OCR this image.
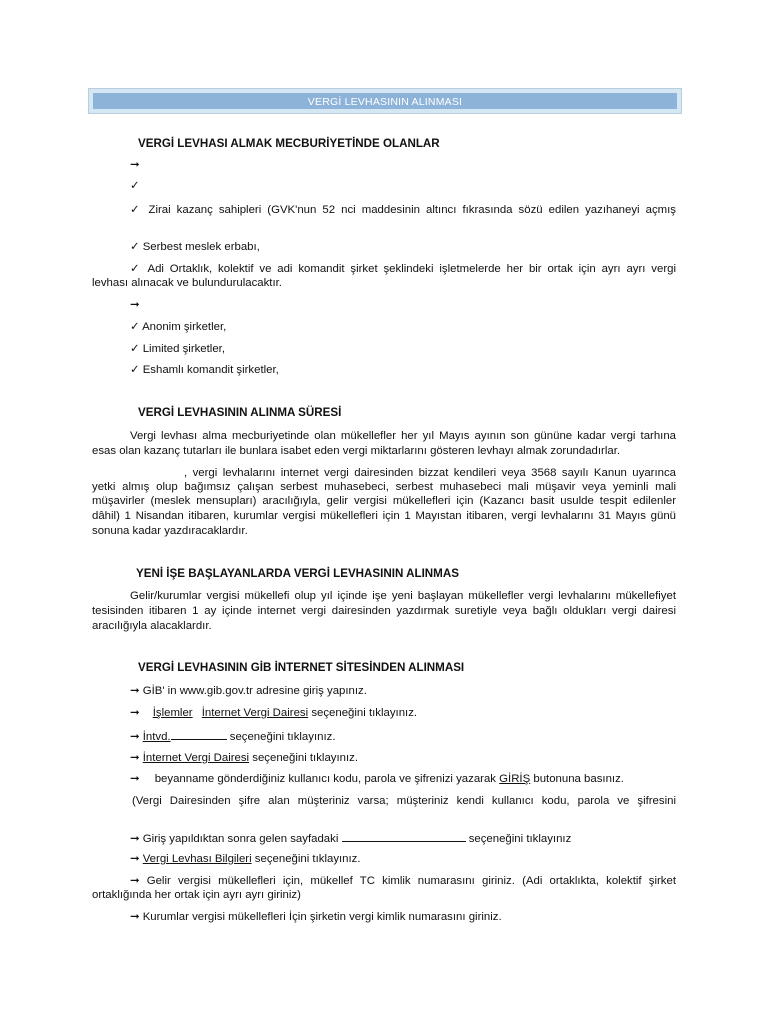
VERGİ LEVHASININ ALINMASI
VERGİ LEVHASI ALMAK MECBURİYETİNDE OLANLAR
➞
✓
✓ Zirai kazanç sahipleri (GVK'nun 52 nci maddesinin altıncı fıkrasında sözü edilen yazıhaneyi açmış
✓ Serbest meslek erbabı,
✓ Adi Ortaklık, kolektif ve adi komandit şirket şeklindeki işletmelerde her bir ortak için ayrı ayrı vergi
levhası alınacak ve bulundurulacaktır.
➞
✓ Anonim şirketler,
✓ Limited şirketler,
✓ Eshamlı komandit şirketler,
VERGİ LEVHASININ ALINMA SÜRESİ
Vergi levhası alma mecburiyetinde olan mükellefler her yıl Mayıs ayının son gününe kadar vergi tarhına
esas olan kazanç tutarları ile bunlara isabet eden vergi miktarlarını gösteren levhayı almak zorundadırlar.
, vergi levhalarını internet vergi dairesinden bizzat kendileri veya 3568 sayılı Kanun uyarınca
yetki almış olup bağımsız çalışan serbest muhasebeci, serbest muhasebeci mali müşavir veya yeminli mali
müşavirler (meslek mensupları) aracılığıyla, gelir vergisi mükellefleri için (Kazancı basit usulde tespit edilenler
dâhil) 1 Nisandan itibaren, kurumlar vergisi mükellefleri için 1 Mayıstan itibaren, vergi levhalarını 31 Mayıs günü
sonuna kadar yazdıracaklardır.
YENİ İŞE BAŞLAYANLARDA VERGİ LEVHASININ ALINMAS
Gelir/kurumlar vergisi mükellefi olup yıl içinde işe yeni başlayan mükellefler vergi levhalarını mükellefiyet
tesisinden itibaren 1 ay içinde internet vergi dairesinden yazdırmak suretiyle veya bağlı oldukları vergi dairesi
aracılığıyla alacaklardır.
VERGİ LEVHASININ GİB İNTERNET SİTESİNDEN ALINMASI
➞ GİB' in www.gib.gov.tr adresine giriş yapınız.
➞ İşlemler İnternet Vergi Dairesi seçeneğini tıklayınız.
➞ İntvd.	seçeneğini tıklayınız.
➞ İnternet Vergi Dairesi seçeneğini tıklayınız.
➞ beyanname gönderdiğiniz kullanıcı kodu, parola ve şifrenizi yazarak GİRİŞ butonuna basınız.
(Vergi Dairesinden şifre alan müşteriniz varsa; müşteriniz kendi kullanıcı kodu, parola ve şifresini
➞ Giriş yapıldıktan sonra gelen sayfadaki	seçeneğini tıklayınız
➞ Vergi Levhası Bilgileri seçeneğini tıklayınız.
➞ Gelir vergisi mükellefleri için, mükellef TC kimlik numarasını giriniz. (Adi ortaklıkta, kolektif şirket
ortaklığında her ortak için ayrı ayrı giriniz)
➞ Kurumlar vergisi mükellefleri İçin şirketin vergi kimlik numarasını giriniz.
